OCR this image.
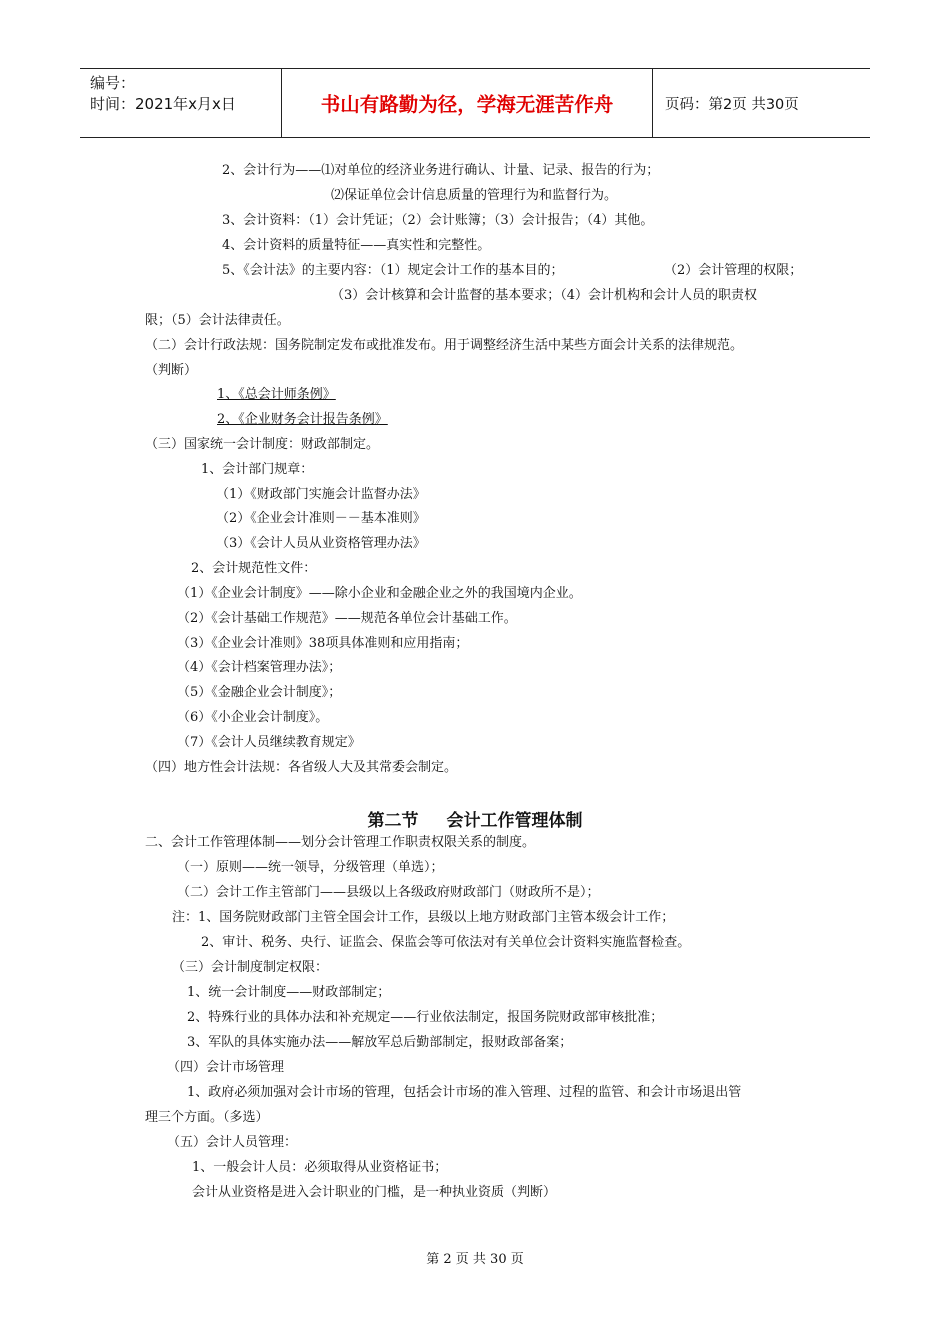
编号：
时间：2021年x月x日	书山有路勤为径，学海无涯苦作舟	页码：第2页 共30页
2、会计行为——⑴对单位的经济业务进行确认、计量、记录、报告的行为；
⑵保证单位会计信息质量的管理行为和监督行为。
3、会计资料：（1）会计凭证；（2）会计账簿；（3）会计报告；（4）其他。
4、会计资料的质量特征——真实性和完整性。
5、《会计法》的主要内容：（1）规定会计工作的基本目的；	（2）会计管理的权限；
（3）会计核算和会计监督的基本要求；（4）会计机构和会计人员的职责权
限；（5）会计法律责任。
（二）会计行政法规：国务院制定发布或批准发布。用于调整经济生活中某些方面会计关系的法律规范。
（判断）
1、《总会计师条例》
2、《企业财务会计报告条例》
（三）国家统一会计制度：财政部制定。
1、会计部门规章：
（1）《财政部门实施会计监督办法》
（2）《企业会计准则－－基本准则》
（3）《会计人员从业资格管理办法》
2、会计规范性文件：
（1）《企业会计制度》——除小企业和金融企业之外的我国境内企业。
（2）《会计基础工作规范》——规范各单位会计基础工作。
（3）《企业会计准则》38项具体准则和应用指南；
（4）《会计档案管理办法》；
（5）《金融企业会计制度》；
（6）《小企业会计制度》。
（7）《会计人员继续教育规定》
（四）地方性会计法规：各省级人大及其常委会制定。
第二节 会计工作管理体制
二、会计工作管理体制——划分会计管理工作职责权限关系的制度。
（一）原则——统一领导，分级管理（单选）；
（二）会计工作主管部门——县级以上各级政府财政部门（财政所不是）；
注：1、国务院财政部门主管全国会计工作，县级以上地方财政部门主管本级会计工作；
2、审计、税务、央行、证监会、保监会等可依法对有关单位会计资料实施监督检查。
（三）会计制度制定权限：
1、统一会计制度——财政部制定；
2、特殊行业的具体办法和补充规定——行业依法制定，报国务院财政部审核批准；
3、军队的具体实施办法——解放军总后勤部制定，报财政部备案；
（四）会计市场管理
1、政府必须加强对会计市场的管理，包括会计市场的准入管理、过程的监管、和会计市场退出管
理三个方面。（多选）
（五）会计人员管理：
1、一般会计人员：必须取得从业资格证书；
会计从业资格是进入会计职业的门槛，是一种执业资质（判断）
第 2 页 共 30 页
